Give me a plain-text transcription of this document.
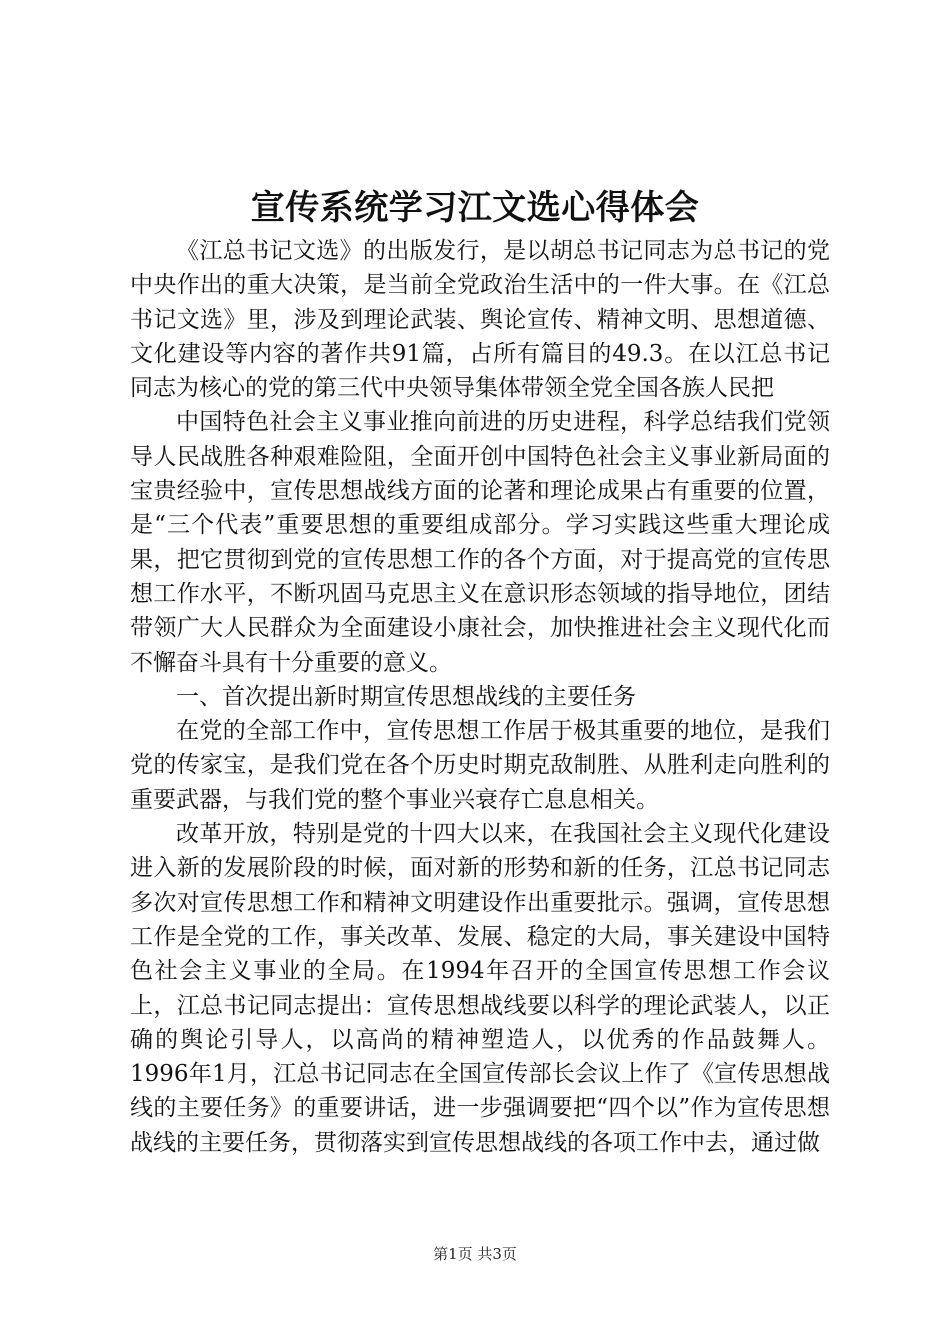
宣传系统学习江文选心得体会

《江总书记文选》的出版发行，是以胡总书记同志为总书记的党中央作出的重大决策，是当前全党政治生活中的一件大事。在《江总书记文选》里，涉及到理论武装、舆论宣传、精神文明、思想道德、文化建设等内容的著作共91篇，占所有篇目的49.3。在以江总书记同志为核心的党的第三代中央领导集体带领全党全国各族人民把

中国特色社会主义事业推向前进的历史进程，科学总结我们党领导人民战胜各种艰难险阻，全面开创中国特色社会主义事业新局面的宝贵经验中，宣传思想战线方面的论著和理论成果占有重要的位置，是“三个代表”重要思想的重要组成部分。学习实践这些重大理论成果，把它贯彻到党的宣传思想工作的各个方面，对于提高党的宣传思想工作水平，不断巩固马克思主义在意识形态领域的指导地位，团结带领广大人民群众为全面建设小康社会，加快推进社会主义现代化而不懈奋斗具有十分重要的意义。

一、首次提出新时期宣传思想战线的主要任务

在党的全部工作中，宣传思想工作居于极其重要的地位，是我们党的传家宝，是我们党在各个历史时期克敌制胜、从胜利走向胜利的重要武器，与我们党的整个事业兴衰存亡息息相关。

改革开放，特别是党的十四大以来，在我国社会主义现代化建设进入新的发展阶段的时候，面对新的形势和新的任务，江总书记同志多次对宣传思想工作和精神文明建设作出重要批示。强调，宣传思想工作是全党的工作，事关改革、发展、稳定的大局，事关建设中国特色社会主义事业的全局。在1994年召开的全国宣传思想工作会议上，江总书记同志提出：宣传思想战线要以科学的理论武装人，以正确的舆论引导人，以高尚的精神塑造人，以优秀的作品鼓舞人。1996年1月，江总书记同志在全国宣传部长会议上作了《宣传思想战线的主要任务》的重要讲话，进一步强调要把“四个以”作为宣传思想战线的主要任务，贯彻落实到宣传思想战线的各项工作中去，通过做

第1页 共3页
